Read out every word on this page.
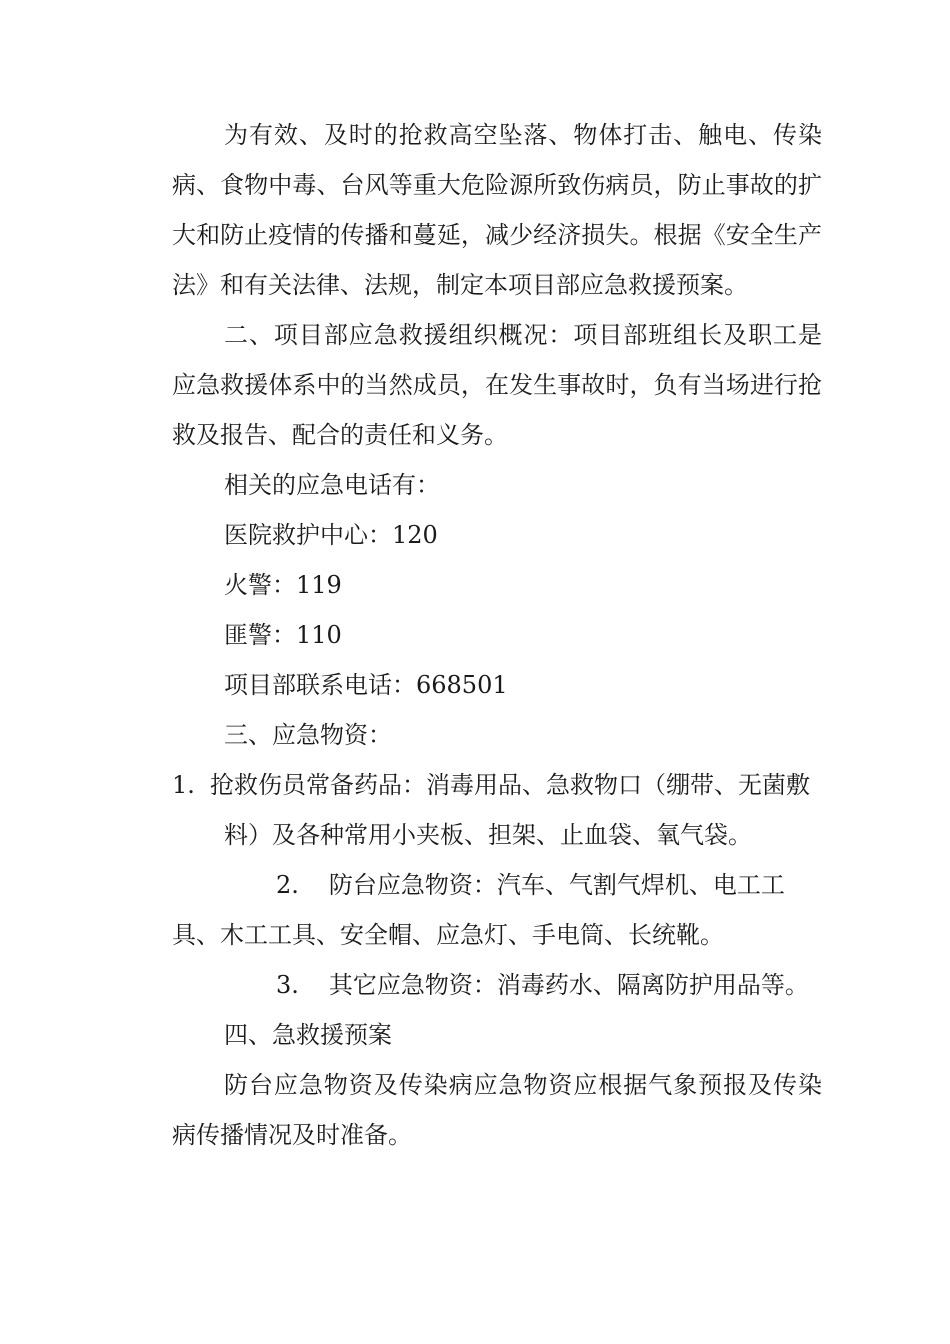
为有效、及时的抢救高空坠落、物体打击、触电、传染病、食物中毒、台风等重大危险源所致伤病员，防止事故的扩大和防止疫情的传播和蔓延，减少经济损失。根据《安全生产法》和有关法律、法规，制定本项目部应急救援预案。

二、项目部应急救援组织概况：项目部班组长及职工是应急救援体系中的当然成员，在发生事故时，负有当场进行抢救及报告、配合的责任和义务。

相关的应急电话有：

医院救护中心：120

火警：119

匪警：110

项目部联系电话：668501

三、应急物资：

1. 抢救伤员常备药品：消毒用品、急救物口（绷带、无菌敷料）及各种常用小夹板、担架、止血袋、氧气袋。

2. 防台应急物资：汽车、气割气焊机、电工工具、木工工具、安全帽、应急灯、手电筒、长统靴。

3. 其它应急物资：消毒药水、隔离防护用品等。

四、急救援预案

防台应急物资及传染病应急物资应根据气象预报及传染病传播情况及时准备。
